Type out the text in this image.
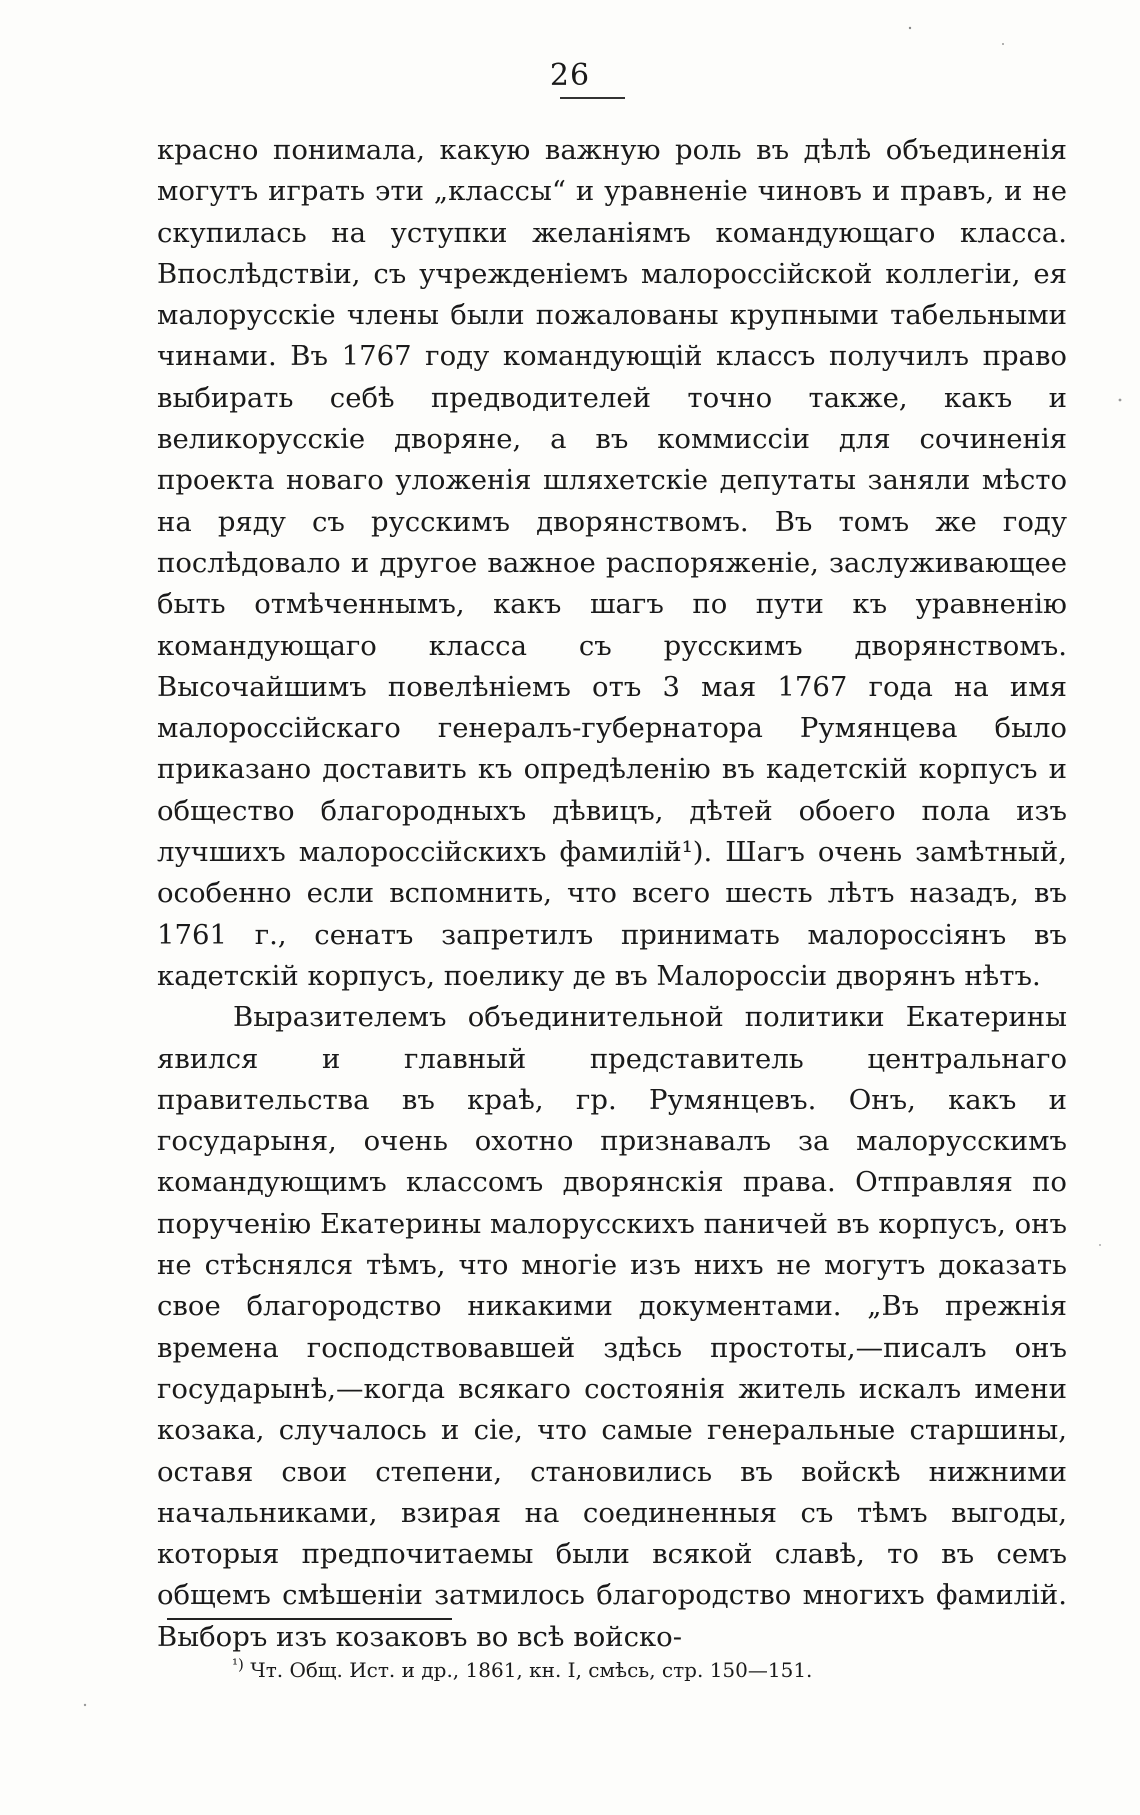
26

красно понимала, какую важную роль въ дѣлѣ объединенія могутъ играть эти „классы“ и уравненіе чиновъ и правъ, и не скупилась на уступки желаніямъ командующаго класса. Впослѣдствіи, съ учрежденіемъ малороссійской коллегіи, ея малорусскіе члены были пожалованы крупными табельными чинами. Въ 1767 году командующій классъ получилъ право выбирать себѣ предводителей точно также, какъ и великорусскіе дворяне, а въ коммиссіи для сочиненія проекта новаго уложенія шляхетскіе депутаты заняли мѣсто на ряду съ русскимъ дворянствомъ. Въ томъ же году послѣдовало и другое важное распоряженіе, заслуживающее быть отмѣченнымъ, какъ шагъ по пути къ уравненію командующаго класса съ русскимъ дворянствомъ. Высочайшимъ повелѣніемъ отъ 3 мая 1767 года на имя малороссійскаго генералъ-губернатора Румянцева было приказано доставить къ опредѣленію въ кадетскій корпусъ и общество благородныхъ дѣвицъ, дѣтей обоего пола изъ лучшихъ малороссійскихъ фамилій¹). Шагъ очень замѣтный, особенно если вспомнить, что всего шесть лѣтъ назадъ, въ 1761 г., сенатъ запретилъ принимать малороссіянъ въ кадетскій корпусъ, поелику де въ Малороссіи дворянъ нѣтъ.

Выразителемъ объединительной политики Екатерины явился и главный представитель центральнаго правительства въ краѣ, гр. Румянцевъ. Онъ, какъ и государыня, очень охотно признавалъ за малорусскимъ командующимъ классомъ дворянскія права. Отправляя по порученію Екатерины малорусскихъ паничей въ корпусъ, онъ не стѣснялся тѣмъ, что многіе изъ нихъ не могутъ доказать свое благородство никакими документами. „Въ прежнія времена господствовавшей здѣсь простоты,—писалъ онъ государынѣ,—когда всякаго состоянія житель искалъ имени козака, случалось и сіе, что самые генеральные старшины, оставя свои степени, становились въ войскѣ нижними начальниками, взирая на соединенныя съ тѣмъ выгоды, которыя предпочитаемы были всякой славѣ, то въ семъ общемъ смѣшеніи затмилось благородство многихъ фамилій. Выборъ изъ козаковъ во всѣ войско-

$^{^1)}$ Чт. Общ. Ист. и др., 1861, кн. I, смѣсь, стр. 150—151.
